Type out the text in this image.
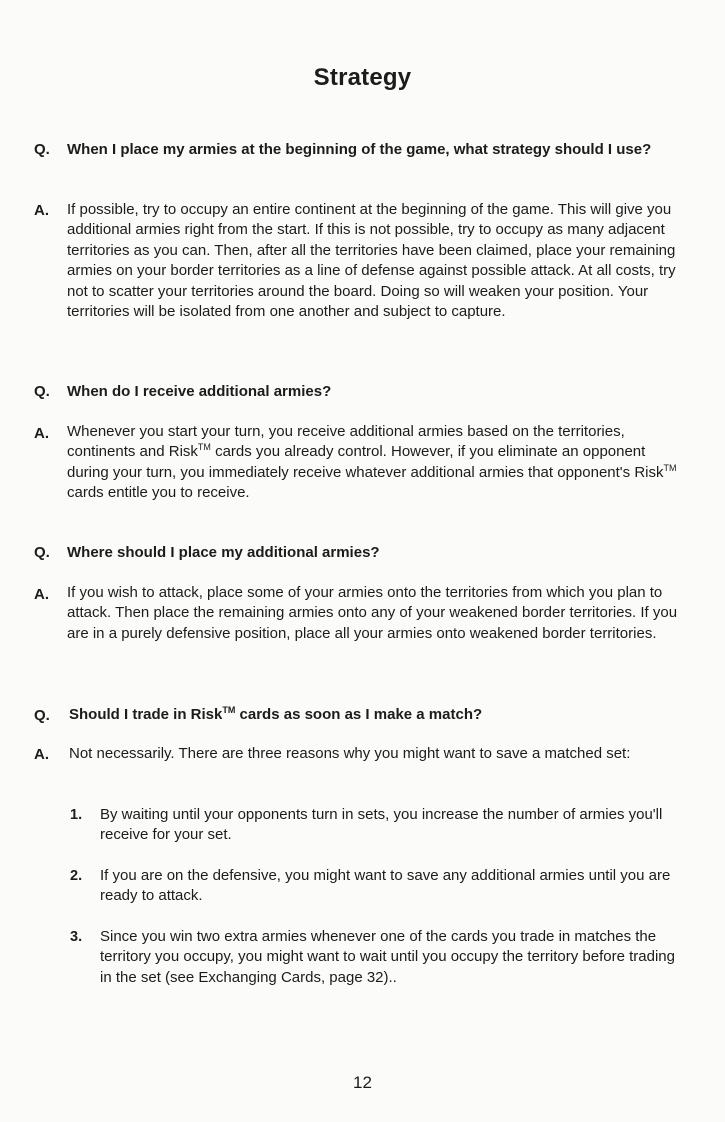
Strategy
Q. When I place my armies at the beginning of the game, what strategy should I use?
A. If possible, try to occupy an entire continent at the beginning of the game. This will give you additional armies right from the start. If this is not possible, try to occupy as many adjacent territories as you can. Then, after all the territories have been claimed, place your remaining armies on your border territories as a line of defense against possible attack. At all costs, try not to scatter your territories around the board. Doing so will weaken your position. Your territories will be isolated from one another and subject to capture.
Q. When do I receive additional armies?
A. Whenever you start your turn, you receive additional armies based on the territories, continents and Risk™ cards you already control. However, if you eliminate an opponent during your turn, you immediately receive whatever additional armies that opponent's Risk™ cards entitle you to receive.
Q. Where should I place my additional armies?
A. If you wish to attack, place some of your armies onto the territories from which you plan to attack. Then place the remaining armies onto any of your weakened border territories. If you are in a purely defensive position, place all your armies onto weakened border territories.
Q. Should I trade in Risk™ cards as soon as I make a match?
A. Not necessarily. There are three reasons why you might want to save a matched set:
1. By waiting until your opponents turn in sets, you increase the number of armies you'll receive for your set.
2. If you are on the defensive, you might want to save any additional armies until you are ready to attack.
3. Since you win two extra armies whenever one of the cards you trade in matches the territory you occupy, you might want to wait until you occupy the territory before trading in the set (see Exchanging Cards, page 32)..
12
